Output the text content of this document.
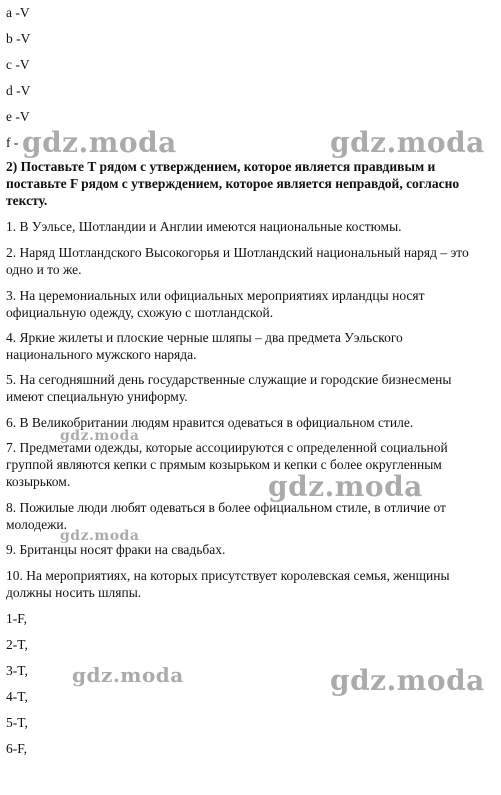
a -V
b -V
c -V
d -V
e -V
f -
2) Поставьте T рядом с утверждением, которое является правдивым и поставьте F рядом с утверждением, которое является неправдой, согласно тексту.
1. В Уэльсе, Шотландии и Англии имеются национальные костюмы.
2. Наряд Шотландского Высокогорья и Шотландский национальный наряд – это одно и то же.
3. На церемониальных или официальных мероприятиях ирландцы носят официальную одежду, схожую с шотландской.
4. Яркие жилеты и плоские черные шляпы – два предмета Уэльского национального мужского наряда.
5. На сегодняшний день государственные служащие и городские бизнесмены имеют специальную униформу.
6. В Великобритании людям нравится одеваться в официальном стиле.
7. Предметами одежды, которые ассоциируются с определенной социальной группой являются кепки с прямым козырьком и кепки с более округленным козырьком.
8. Пожилые люди любят одеваться в более официальном стиле, в отличие от молодежи.
9. Британцы носят фраки на свадьбах.
10. На мероприятиях, на которых присутствует королевская семья, женщины должны носить шляпы.
1-F,
2-T,
3-T,
4-T,
5-T,
6-F,
gdz.moda	gdz.moda
gdz.moda
gdz.moda
gdz.moda
gdz.moda	gdz.moda
